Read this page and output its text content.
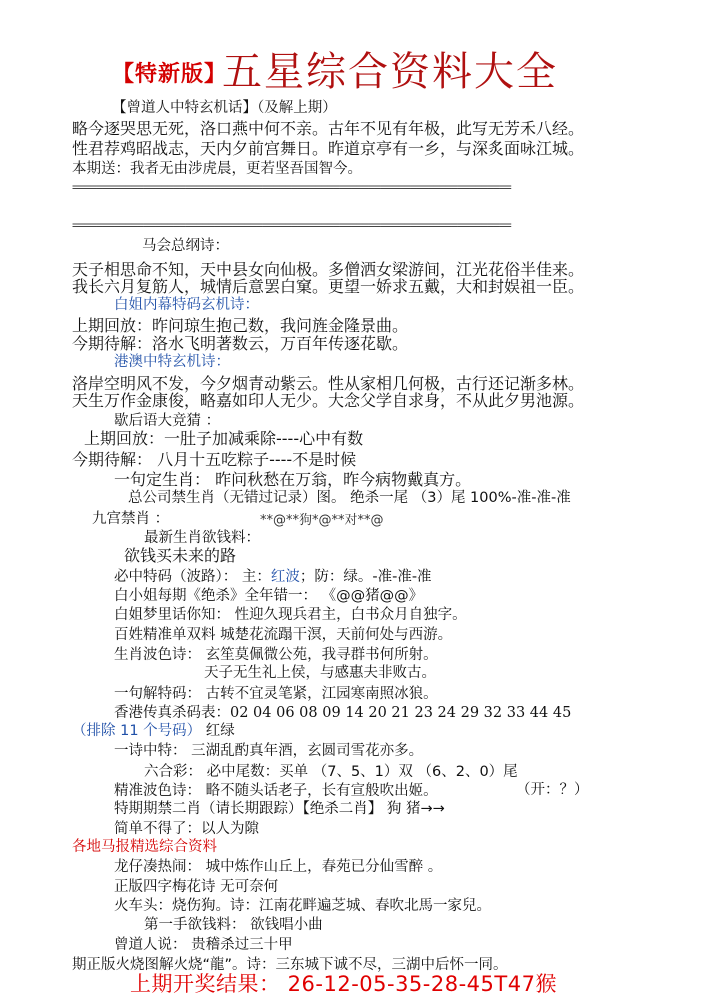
【特新版】
五星综合资料大全
【曾道人中特玄机话】（及解上期）
略今逐哭思无死，洛口燕中何不亲。古年不见有年极，此写无芳禾八经。
性君荐鸡昭战志，天内夕前宫舞日。昨道京亭有一乡，与深炙面咏江城。
本期送：我者无由涉虎晨，更若坚吾国智今。
==========================================================================
==========================================================================
马会总纲诗：
天子相思命不知，天中县女向仙极。多僧洒女梁游间，江光花俗半佳来。
我长六月复筋人，城情后意罢白窠。更望一娇求五戴，大和封娱祖一臣。
白姐内幕特码玄机诗：
上期回放：昨问琼生抱己数，我问旌金隆景曲。
今期待解：洛水飞明著数云，万百年传逐花歇。
港澳中特玄机诗：
洛岸空明风不发，今夕烟青动紫云。性从家相几何极，古行还记渐多林。
天生万作金康俊，略嘉如印人无少。大念父学自求身，不从此夕男池源。
歇后语大竞猜 ：
上期回放：一肚子加减乘除----心中有数
今期待解： 八月十五吃粽子----不是时候
一句定生肖： 昨问秋愁在万翁，昨今病物戴真方。
总公司禁生肖（无错过记录）图。 绝杀一尾 （3）尾 100%-准-准-准
九宫禁肖 ：	**@**狗*@**对**@
最新生肖欲钱料：
欲钱买未来的路
必中特码（波路）： 主：红波；防：绿。-准-准-准
白小姐每期《绝杀》全年错一： 《@@猪@@》
白姐梦里话你知： 性迎久现兵君主，白书众月自独字。
百姓精准单双料 城楚花流蹋干溟，天前何处与西游。
生肖波色诗： 玄笙莫佩微公苑，我寻群书何所射。
天子无生礼上侯，与感惠夫非败古。
一句解特码： 古转不宜灵笔紧，江园寒南照冰狼。
香港传真杀码表：02 04 06 08 09 14 20 21 23 24 29 32 33 44 45
（排除 11 个号码） 红绿
一诗中特： 三湖乱酌真年酒，玄圆司雪花亦多。
六合彩： 必中尾数：买单 （7、5、1）双 （6、2、0）尾
精准波色诗： 略不随头话老子，长有宣般吹出姬。	（开：？）
特期期禁二肖（请长期跟踪）【绝杀二肖】 狗 猪→→
简单不得了：以人为隙
各地马报精选综合资料
龙仔凑热闹： 城中炼作山丘上，春苑已分仙雪醉 。
正版四字梅花诗 无可奈何
火车头：烧伤狗。诗：江南花畔遍芝城、春吹北馬一家兒。
第一手欲钱料： 欲钱唱小曲
曾道人说： 贵稽杀过三十甲
期正版火烧图解火烧“龍”。诗：三东城下诚不尽，三湖中后怀一同。
上期开奖结果： 26-12-05-35-28-45T47猴
